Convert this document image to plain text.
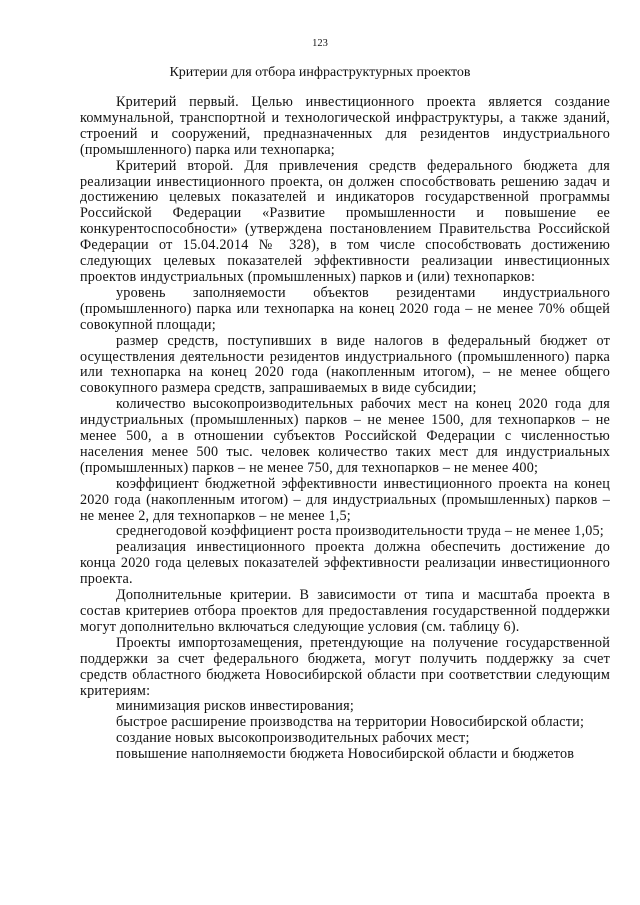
123
Критерии для отбора инфраструктурных проектов

Критерий первый. Целью инвестиционного проекта является создание коммунальной, транспортной и технологической инфраструктуры, а также зданий, строений и сооружений, предназначенных для резидентов индустриального (промышленного) парка или технопарка;

Критерий второй. Для привлечения средств федерального бюджета для реализации инвестиционного проекта, он должен способствовать решению задач и достижению целевых показателей и индикаторов государственной программы Российской Федерации «Развитие промышленности и повышение ее конкурентоспособности» (утверждена постановлением Правительства Российской Федерации от 15.04.2014 № 328), в том числе способствовать достижению следующих целевых показателей эффективности реализации инвестиционных проектов индустриальных (промышленных) парков и (или) технопарков:

уровень заполняемости объектов резидентами индустриального (промышленного) парка или технопарка на конец 2020 года – не менее 70% общей совокупной площади;

размер средств, поступивших в виде налогов в федеральный бюджет от осуществления деятельности резидентов индустриального (промышленного) парка или технопарка на конец 2020 года (накопленным итогом), – не менее общего совокупного размера средств, запрашиваемых в виде субсидии;

количество высокопроизводительных рабочих мест на конец 2020 года для индустриальных (промышленных) парков – не менее 1500, для технопарков – не менее 500, а в отношении субъектов Российской Федерации с численностью населения менее 500 тыс. человек количество таких мест для индустриальных (промышленных) парков – не менее 750, для технопарков – не менее 400;

коэффициент бюджетной эффективности инвестиционного проекта на конец 2020 года (накопленным итогом) – для индустриальных (промышленных) парков – не менее 2, для технопарков – не менее 1,5;

среднегодовой коэффициент роста производительности труда – не менее 1,05;

реализация инвестиционного проекта должна обеспечить достижение до конца 2020 года целевых показателей эффективности реализации инвестиционного проекта.

Дополнительные критерии. В зависимости от типа и масштаба проекта в состав критериев отбора проектов для предоставления государственной поддержки могут дополнительно включаться следующие условия (см. таблицу 6).

Проекты импортозамещения, претендующие на получение государственной поддержки за счет федерального бюджета, могут получить поддержку за счет средств областного бюджета Новосибирской области при соответствии следующим критериям:

минимизация рисков инвестирования;

быстрое расширение производства на территории Новосибирской области;

создание новых высокопроизводительных рабочих мест;

повышение наполняемости бюджета Новосибирской области и бюджетов
